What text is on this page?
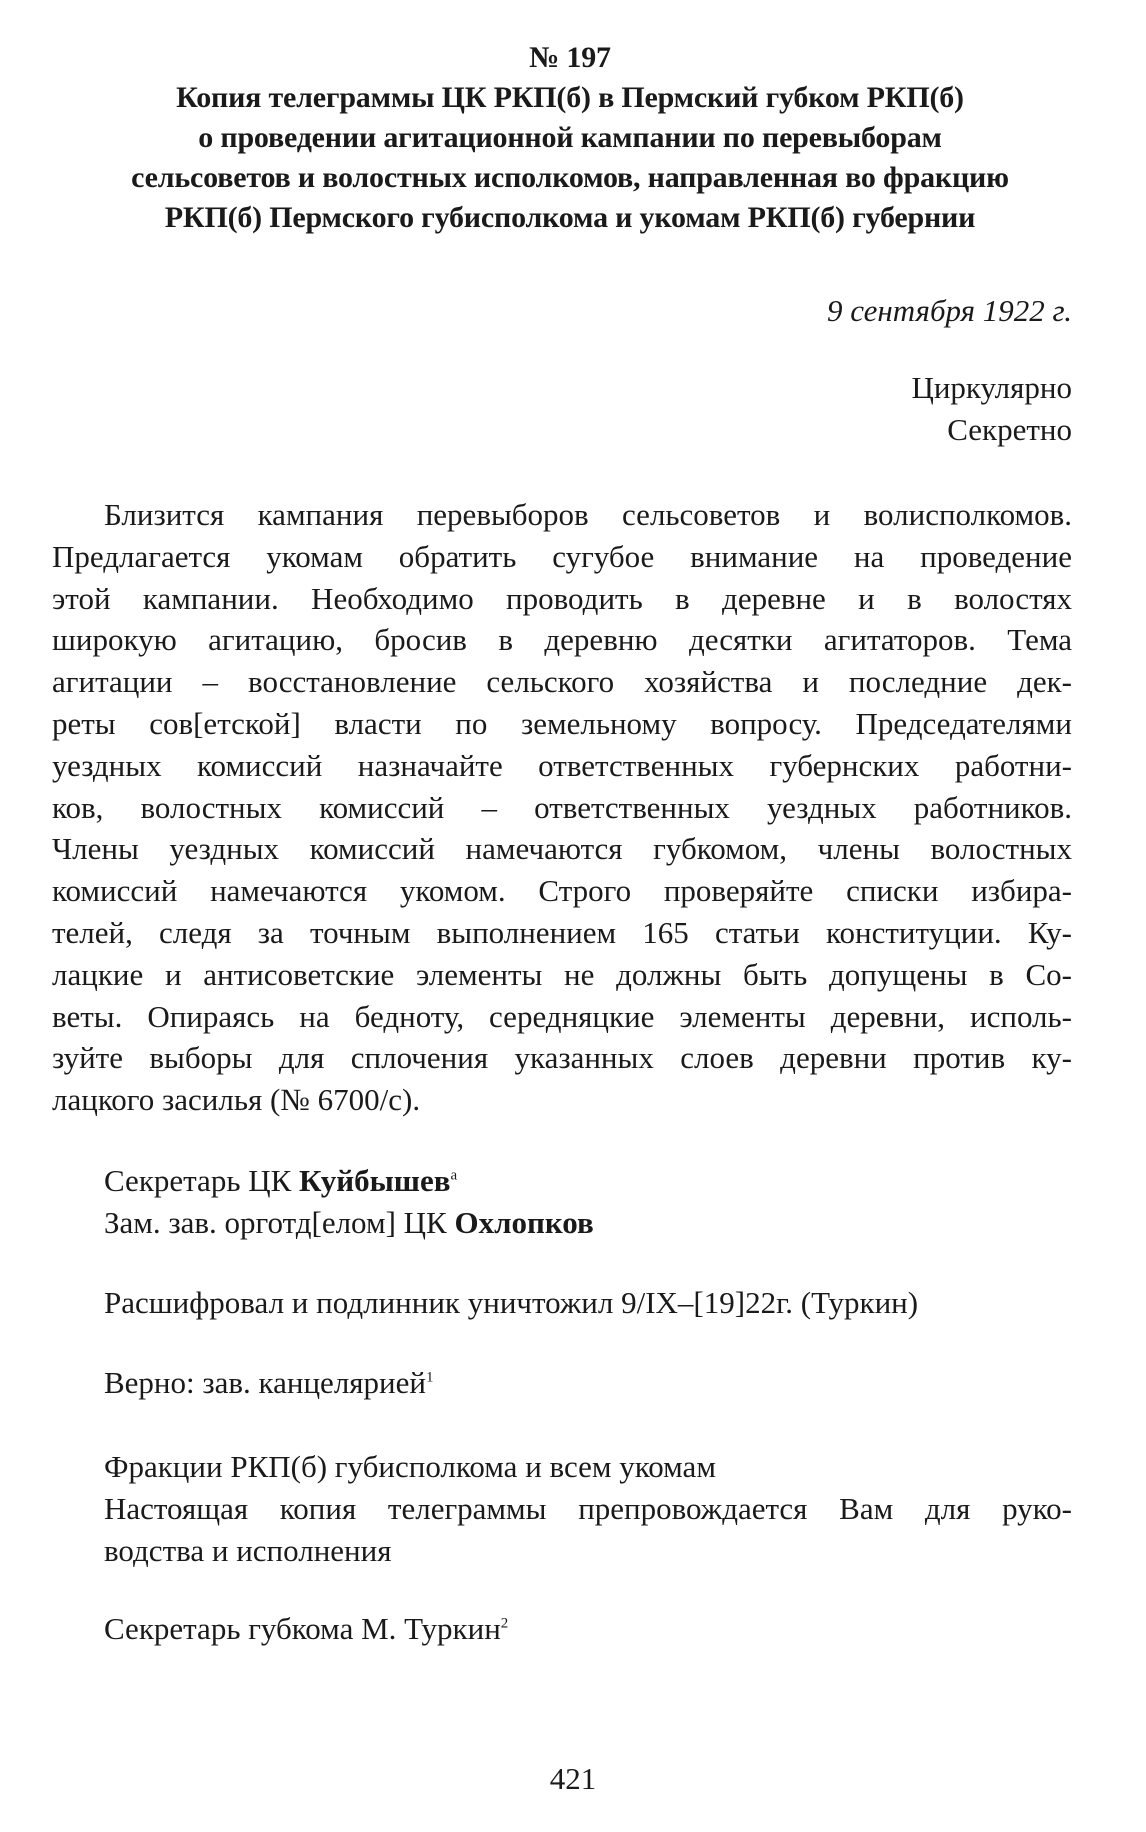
№ 197
Копия телеграммы ЦК РКП(б) в Пермский губком РКП(б)
о проведении агитационной кампании по перевыборам
сельсоветов и волостных исполкомов, направленная во фракцию
РКП(б) Пермского губисполкома и укомам РКП(б) губернии
9 сентября 1922 г.
Циркулярно
Секретно
Близится кампания перевыборов сельсоветов и волисполкомов.
Предлагается укомам обратить сугубое внимание на проведение
этой кампании. Необходимо проводить в деревне и в волостях
широкую агитацию, бросив в деревню десятки агитаторов. Тема
агитации – восстановление сельского хозяйства и последние дек-
реты сов[етской] власти по земельному вопросу. Председателями
уездных комиссий назначайте ответственных губернских работни-
ков, волостных комиссий – ответственных уездных работников.
Члены уездных комиссий намечаются губкомом, члены волостных
комиссий намечаются укомом. Строго проверяйте списки избира-
телей, следя за точным выполнением 165 статьи конституции. Ку-
лацкие и антисоветские элементы не должны быть допущены в Со-
веты. Опираясь на бедноту, середняцкие элементы деревни, исполь-
зуйте выборы для сплочения указанных слоев деревни против ку-
лацкого засилья (№ 6700/с).
Секретарь ЦК Куйбышев$^а$
Зам. зав. орготд[елом] ЦК Охлопков
Расшифровал и подлинник уничтожил 9/IX–[19]22г. (Туркин)
Верно: зав. канцелярией$^1$
Фракции РКП(б) губисполкома и всем укомам
Настоящая копия телеграммы препровождается Вам для руко-
водства и исполнения
Секретарь губкома М. Туркин$^2$
421
